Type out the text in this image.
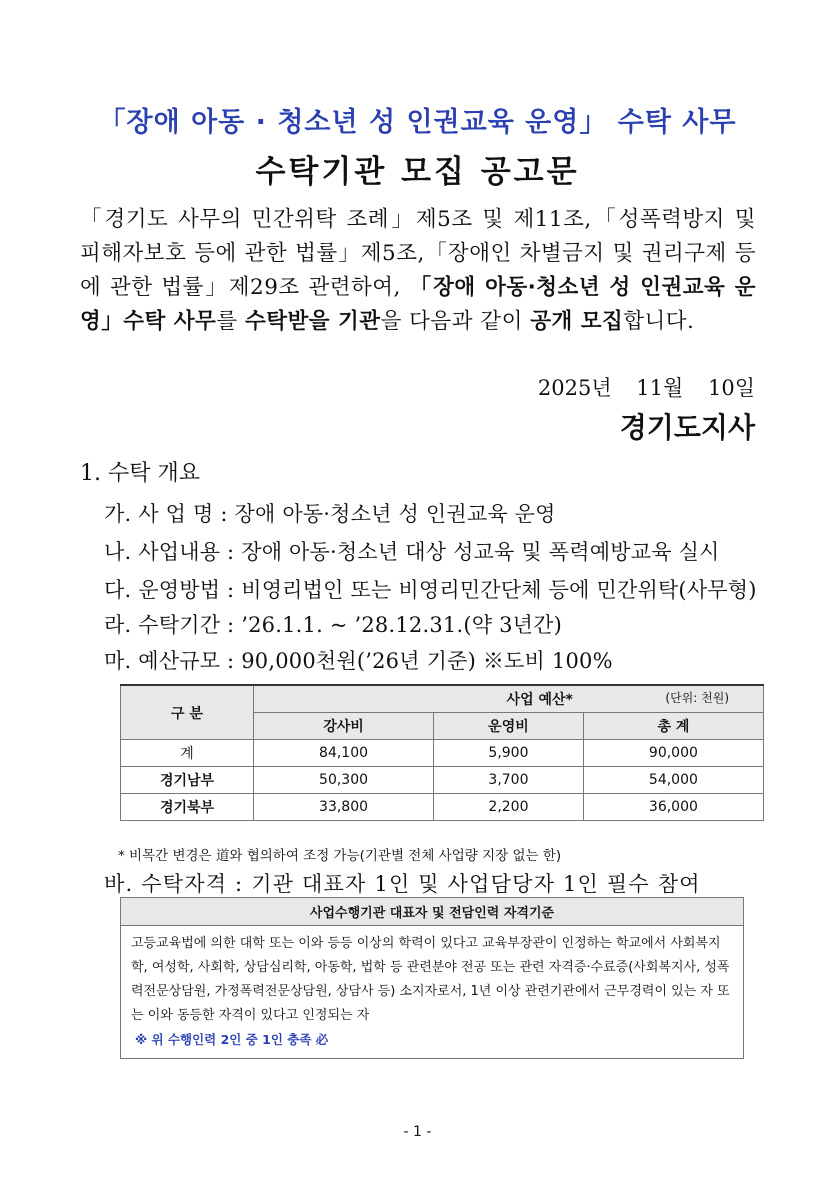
「장애 아동 · 청소년 성 인권교육 운영」 수탁 사무
수탁기관 모집 공고문
「경기도 사무의 민간위탁 조례」제5조 및 제11조,「성폭력방지 및 피해자보호 등에 관한 법률」제5조,「장애인 차별금지 및 권리구제 등에 관한 법률」제29조 관련하여, 「장애 아동·청소년 성 인권교육 운영」수탁 사무를 수탁받을 기관을 다음과 같이 공개 모집합니다.
2025년 11월 10일
경기도지사
1. 수탁 개요
가. 사 업 명 : 장애 아동·청소년 성 인권교육 운영
나. 사업내용 : 장애 아동·청소년 대상 성교육 및 폭력예방교육 실시
다. 운영방법 : 비영리법인 또는 비영리민간단체 등에 민간위탁(사무형)
라. 수탁기간 : ’26.1.1. ~ ’28.12.31.(약 3년간)
마. 예산규모 : 90,000천원(’26년 기준) ※도비 100%
구 분	사업 예산* (단위: 천원)		

	강사비	운영비	총 계
계	84,100	5,900	90,000
경기남부	50,300	3,700	54,000
경기북부	33,800	2,200	36,000
* 비목간 변경은 道와 협의하여 조정 가능(기관별 전체 사업량 지장 없는 한)
바. 수탁자격 : 기관 대표자 1인 및 사업담당자 1인 필수 참여
사업수행기관 대표자 및 전담인력 자격기준
고등교육법에 의한 대학 또는 이와 등등 이상의 학력이 있다고 교육부장관이 인정하는 학교에서 사회복지학, 여성학, 사회학, 상담심리학, 아동학, 법학 등 관련분야 전공 또는 관련 자격증·수료증(사회복지사, 성폭력전문상담원, 가정폭력전문상담원, 상담사 등) 소지자로서, 1년 이상 관련기관에서 근무경력이 있는 자 또는 이와 동등한 자격이 있다고 인정되는 자
※ 위 수행인력 2인 중 1인 충족 必
- 1 -
